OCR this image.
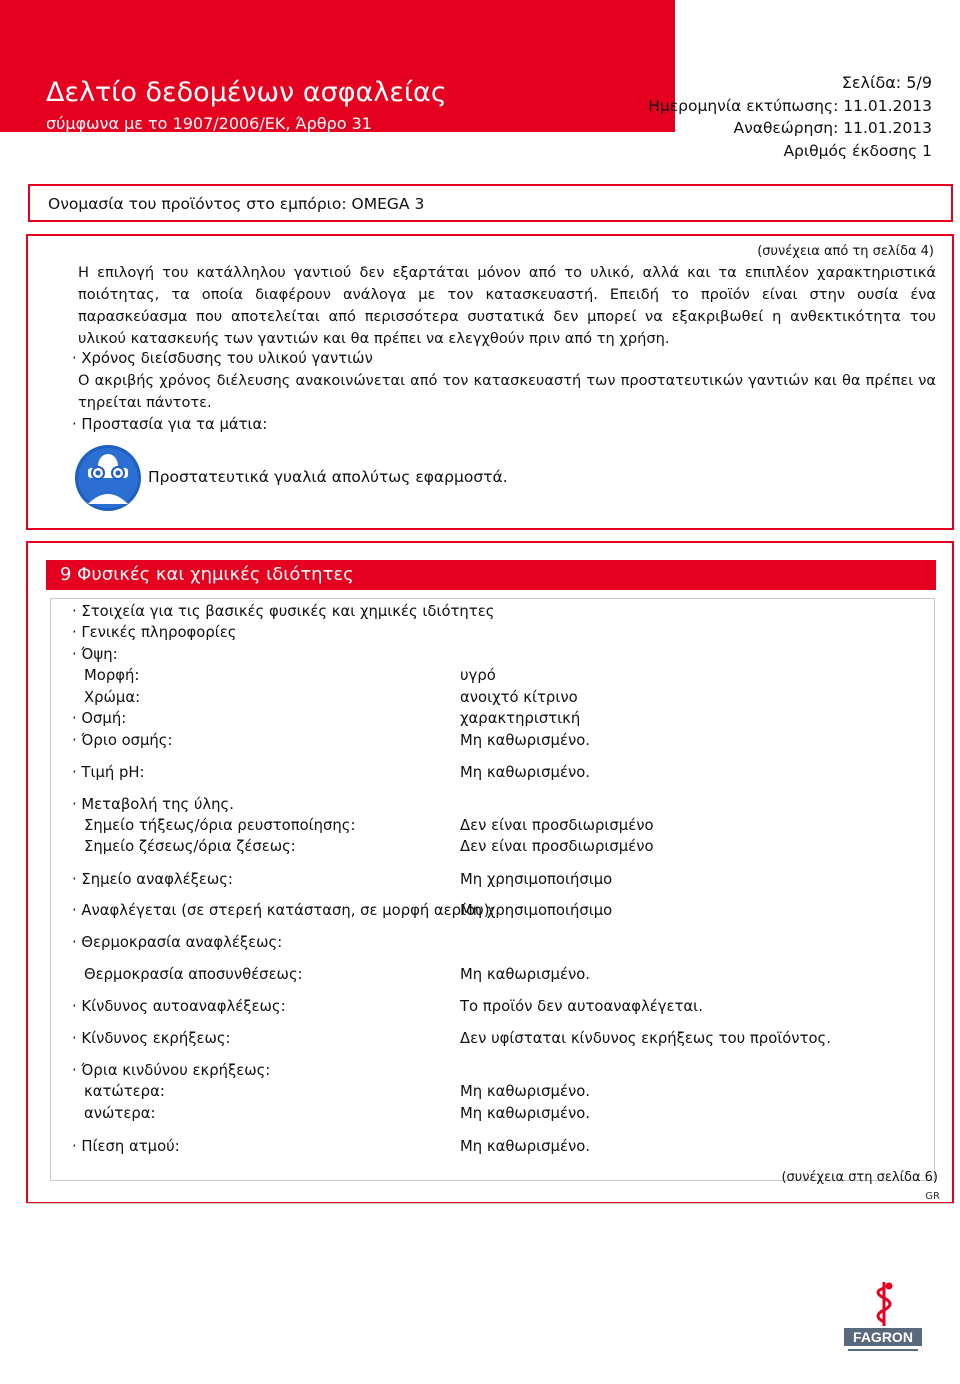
Δελτίο δεδομένων ασφαλείας
σύμφωνα με το 1907/2006/ΕΚ, Άρθρο 31
Σελίδα: 5/9
Ημερομηνία εκτύπωσης: 11.01.2013
Αναθεώρηση: 11.01.2013
Αριθμός έκδοσης 1
Ονομασία του προϊόντος στο εμπόριο: OMEGA 3
(συνέχεια από τη σελίδα 4)
Η επιλογή του κατάλληλου γαντιού δεν εξαρτάται μόνον από το υλικό, αλλά και τα επιπλέον χαρακτηριστικά ποιότητας, τα οποία διαφέρουν ανάλογα με τον κατασκευαστή. Επειδή το προϊόν είναι στην ουσία ένα παρασκεύασμα που αποτελείται από περισσότερα συστατικά δεν μπορεί να εξακριβωθεί η ανθεκτικότητα του υλικού κατασκευής των γαντιών και θα πρέπει να ελεγχθούν πριν από τη χρήση.
· Χρόνος διείσδυσης του υλικού γαντιών
Ο ακριβής χρόνος διέλευσης ανακοινώνεται από τον κατασκευαστή των προστατευτικών γαντιών και θα πρέπει να τηρείται πάντοτε.
· Προστασία για τα μάτια:
Προστατευτικά γυαλιά απολύτως εφαρμοστά.
9 Φυσικές και χημικές ιδιότητες
· Στοιχεία για τις βασικές φυσικές και χημικές ιδιότητες
· Γενικές πληροφορίες
· Όψη:
Μορφή:	υγρό
Χρώμα:	ανοιχτό κίτρινο
· Οσμή:	χαρακτηριστική
· Όριο οσμής:	Μη καθωρισμένο.
· Τιμή pH:	Μη καθωρισμένο.
· Μεταβολή της ύλης.
Σημείο τήξεως/όρια ρευστοποίησης:	Δεν είναι προσδιωρισμένο
Σημείο ζέσεως/όρια ζέσεως:	Δεν είναι προσδιωρισμένο
· Σημείο αναφλέξεως:	Μη χρησιμοποιήσιμο
· Αναφλέγεται (σε στερεή κατάσταση, σε μορφή αερίου):
Μη χρησιμοποιήσιμο
· Θερμοκρασία αναφλέξεως:
Θερμοκρασία αποσυνθέσεως:	Μη καθωρισμένο.
· Κίνδυνος αυτοαναφλέξεως:	Το προϊόν δεν αυτοαναφλέγεται.
· Κίνδυνος εκρήξεως:	Δεν υφίσταται κίνδυνος εκρήξεως του προϊόντος.
· Όρια κινδύνου εκρήξεως:
κατώτερα:	Μη καθωρισμένο.
ανώτερα:	Μη καθωρισμένο.
· Πίεση ατμού:	Μη καθωρισμένο.
(συνέχεια στη σελίδα 6)
GR
FAGRON
